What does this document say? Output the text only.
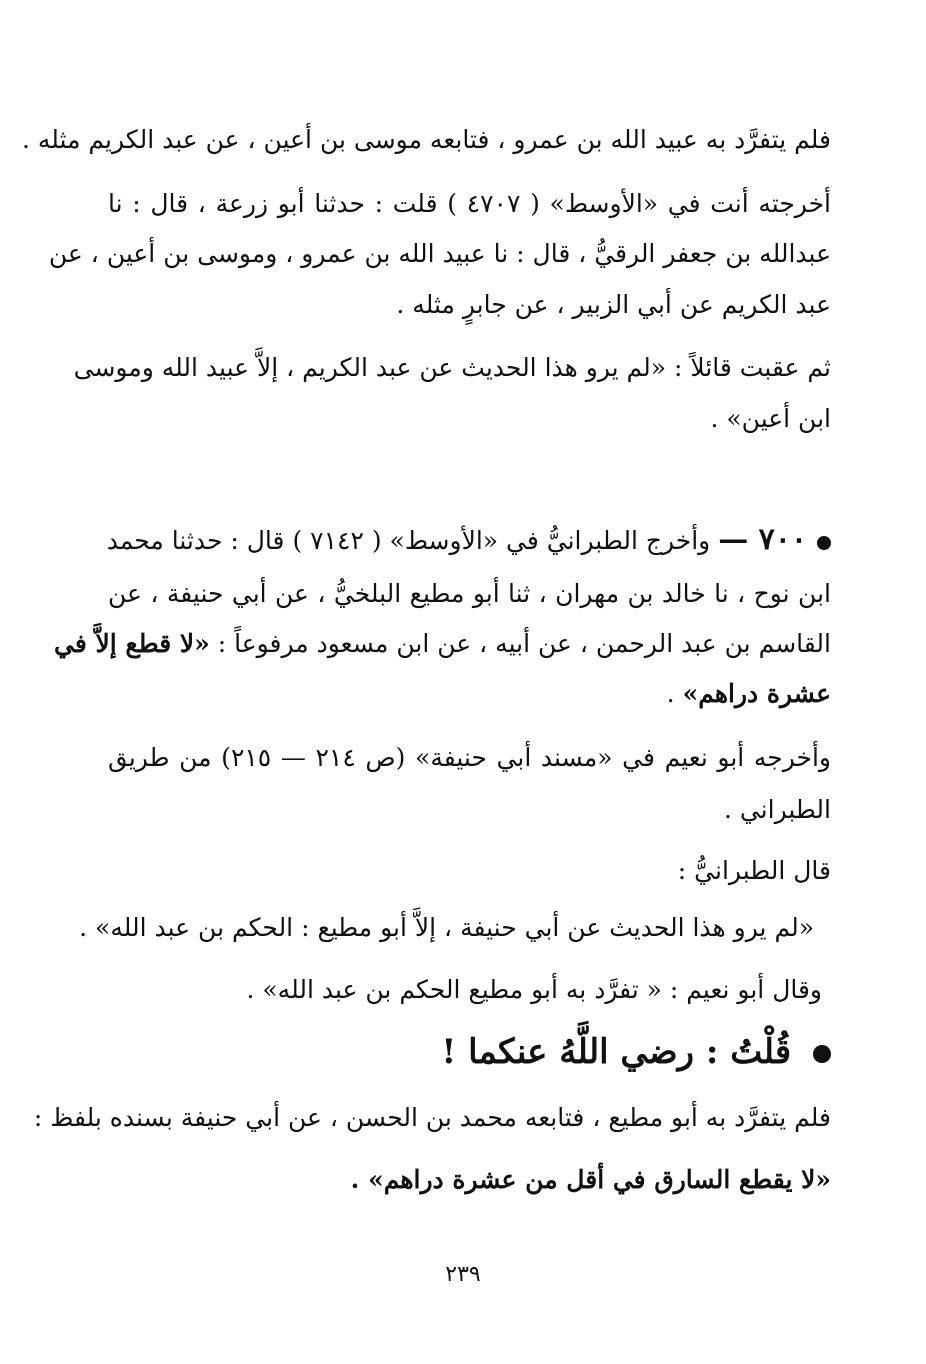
فلم يتفرَّد به عبيد الله بن عمرو ، فتابعه موسى بن أعين ، عن عبد الكريم مثله .
أخرجته أنت في «الأوسط» ( ٤٧٠٧ ) قلت : حدثنا أبو زرعة ، قال : نا
عبدالله بن جعفر الرقيُّ ، قال : نا عبيد الله بن عمرو ، وموسى بن أعين ، عن
عبد الكريم عن أبي الزبير ، عن جابرٍ مثله .
ثم عقبت قائلاً : «لم يرو هذا الحديث عن عبد الكريم ، إلاَّ عبيد الله وموسى
ابن أعين» .
٧٠٠ — وأخرج الطبرانيُّ في «الأوسط» ( ٧١٤٢ ) قال : حدثنا محمد
ابن نوح ، نا خالد بن مهران ، ثنا أبو مطيع البلخيُّ ، عن أبي حنيفة ، عن
القاسم بن عبد الرحمن ، عن أبيه ، عن ابن مسعود مرفوعاً : «لا قطع إلاَّ في
عشرة دراهم» .
وأخرجه أبو نعيم في «مسند أبي حنيفة» (ص ٢١٤ — ٢١٥) من طريق
الطبراني .
قال الطبرانيُّ :
«لم يرو هذا الحديث عن أبي حنيفة ، إلاَّ أبو مطيع : الحكم بن عبد الله» .
وقال أبو نعيم : « تفرَّد به أبو مطيع الحكم بن عبد الله» .
قُلْتُ : رضي اللَّهُ عنكما !
فلم يتفرَّد به أبو مطيع ، فتابعه محمد بن الحسن ، عن أبي حنيفة بسنده بلفظ :
«لا يقطع السارق في أقل من عشرة دراهم» .
٢٣٩
